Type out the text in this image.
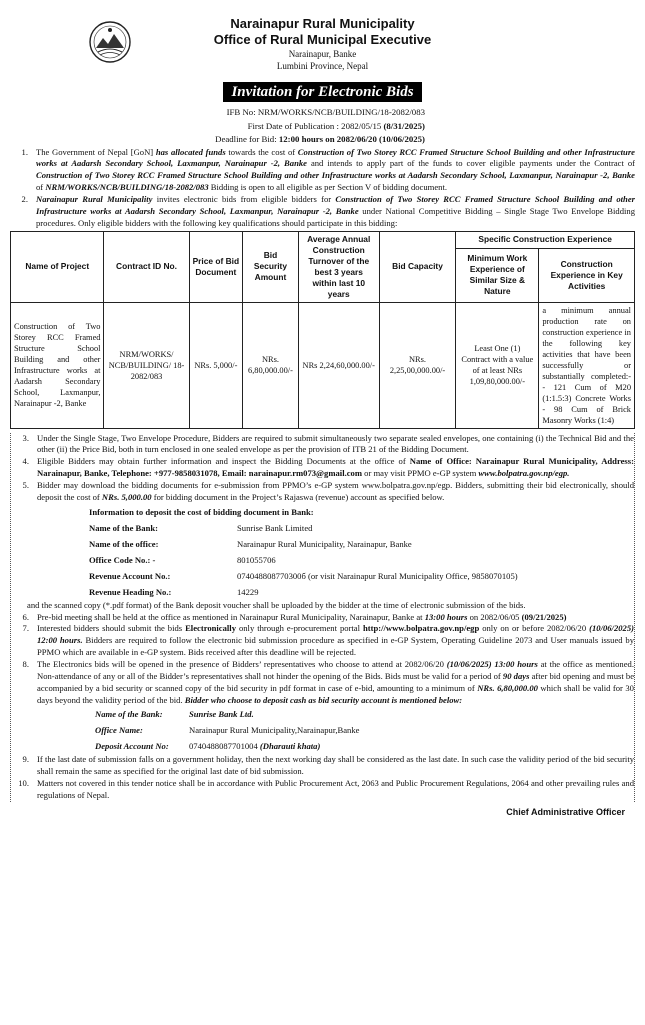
Narainapur Rural Municipality
Office of Rural Municipal Executive
Narainapur, Banke
Lumbini Province, Nepal
Invitation for Electronic Bids
IFB No: NRM/WORKS/NCB/BUILDING/18-2082/083
First Date of Publication : 2082/05/15 (8/31/2025)
Deadline for Bid: 12:00 hours on 2082/06/20 (10/06/2025)
1. The Government of Nepal [GoN] has allocated funds towards the cost of Construction of Two Storey RCC Framed Structure School Building and other Infrastructure works at Aadarsh Secondary School, Laxmanpur, Narainapur -2, Banke and intends to apply part of the funds to cover eligible payments under the Contract of Construction of Two Storey RCC Framed Structure School Building and other Infrastructure works at Aadarsh Secondary School, Laxmanpur, Narainapur -2, Banke of NRM/WORKS/NCB/BUILDING/18-2082/083 Bidding is open to all eligible as per Section V of bidding document.
2. Narainapur Rural Municipality invites electronic bids from eligible bidders for Construction of Two Storey RCC Framed Structure School Building and other Infrastructure works at Aadarsh Secondary School, Laxmanpur, Narainapur -2, Banke under National Competitive Bidding – Single Stage Two Envelope Bidding procedures. Only eligible bidders with the following key qualifications should participate in this bidding:
Name of Project	Contract ID No.	Price of Bid Document	Bid Security Amount	Average Annual Construction Turnover of the best 3 years within last 10 years	Bid Capacity	Specific Construction Experience	
						Minimum Work Experience of Similar Size & Nature	Construction Experience in Key Activities
Construction of Two Storey RCC Framed Structure School Building and other Infrastructure works at Aadarsh Secondary School, Laxmanpur, Narainapur -2, Banke	NRM/WORKS/ NCB/BUILDING/ 18-2082/083	NRs. 5,000/-	NRs. 6,80,000.00/-	NRs 2,24,60,000.00/-	NRs. 2,25,00,000.00/-	Least One (1) Contract with a value of at least NRs 1,09,80,000.00/-	a minimum annual production rate on construction experience in the following key activities that have been successfully or substantially completed:- - 121 Cum of M20 (1:1.5:3) Concrete Works - 98 Cum of Brick Masonry Works (1:4)
3. Under the Single Stage, Two Envelope Procedure, Bidders are required to submit simultaneously two separate sealed envelopes, one containing (i) the Technical Bid and the other (ii) the Price Bid, both in turn enclosed in one sealed envelope as per the provision of ITB 21 of the Bidding Document.
4. Eligible Bidders may obtain further information and inspect the Bidding Documents at the office of Name of Office: Narainapur Rural Municipality, Address: Narainapur, Banke, Telephone: +977-9858031078, Email: narainapur.rm073@gmail.com or may visit PPMO e-GP system www.bolpatra.gov.np/egp.
5. Bidder may download the bidding documents for e-submission from PPMO’s e-GP system www.bolpatra.gov.np/egp. Bidders, submitting their bid electronically, should deposit the cost of NRs. 5,000.00 for bidding document in the Project’s Rajaswa (revenue) account as specified below.
Information to deposit the cost of bidding document in Bank:
Name of the Bank:	Sunrise Bank Limited
Name of the office:	Narainapur Rural Municipality, Narainapur, Banke
Office Code No.: -	801055706
Revenue Account No.:	074048808770300б (or visit Narainapur Rural Municipality Office, 9858070105)
Revenue Heading No.:	14229
and the scanned copy (*.pdf format) of the Bank deposit voucher shall be uploaded by the bidder at the time of electronic submission of the bids.
6. Pre-bid meeting shall be held at the office as mentioned in Narainapur Rural Municipality, Narainapur, Banke at 13:00 hours on 2082/06/05 (09/21/2025)
7. Interested bidders should submit the bids Electronically only through e-procurement portal http://www.bolpatra.gov.np/egp only on or before 2082/06/20 (10/06/2025) 12:00 hours. Bidders are required to follow the electronic bid submission procedure as specified in e-GP System, Operating Guideline 2073 and User manuals issued by PPMO which are available in e-GP system. Bids received after this deadline will be rejected.
8. The Electronics bids will be opened in the presence of Bidders’ representatives who choose to attend at 2082/06/20 (10/06/2025) 13:00 hours at the office as mentioned. Non-attendance of any or all of the Bidder’s representatives shall not hinder the opening of the Bids. Bids must be valid for a period of 90 days after bid opening and must be accompanied by a bid security or scanned copy of the bid security in pdf format in case of e-bid, amounting to a minimum of NRs. 6,80,000.00 which shall be valid for 30 days beyond the validity period of the bid. Bidder who choose to deposit cash as bid security account is mentioned below:
Name of the Bank:	Sunrise Bank Ltd.
Office Name:	Narainapur Rural Municipality,Narainapur,Banke
Deposit Account No:	0740488087701004 (Dharauti khata)
9. If the last date of submission falls on a government holiday, then the next working day shall be considered as the last date. In such case the validity period of the bid security shall remain the same as specified for the original last date of bid submission.
10. Matters not covered in this tender notice shall be in accordance with Public Procurement Act, 2063 and Public Procurement Regulations, 2064 and other prevailing rules and regulations of Nepal.
Chief Administrative Officer
